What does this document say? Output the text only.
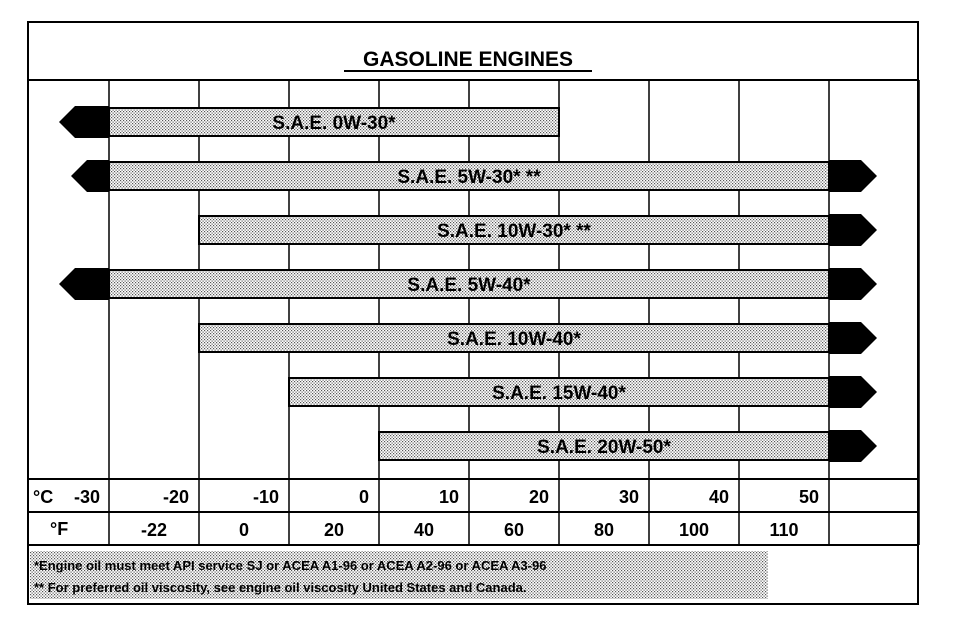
GASOLINE ENGINES
S.A.E. 0W-30*
S.A.E. 5W-30* **
S.A.E. 10W-30* **
S.A.E. 5W-40*
S.A.E. 10W-40*
S.A.E. 15W-40*
S.A.E. 20W-50*
°C
°F
-30	-20	-10	0	10	20	30	40	50
-22	0	20	40	60	80	100	110
*Engine oil must meet API service SJ or ACEA A1-96 or ACEA A2-96 or ACEA A3-96
** For preferred oil viscosity, see engine oil viscosity United States and Canada.
